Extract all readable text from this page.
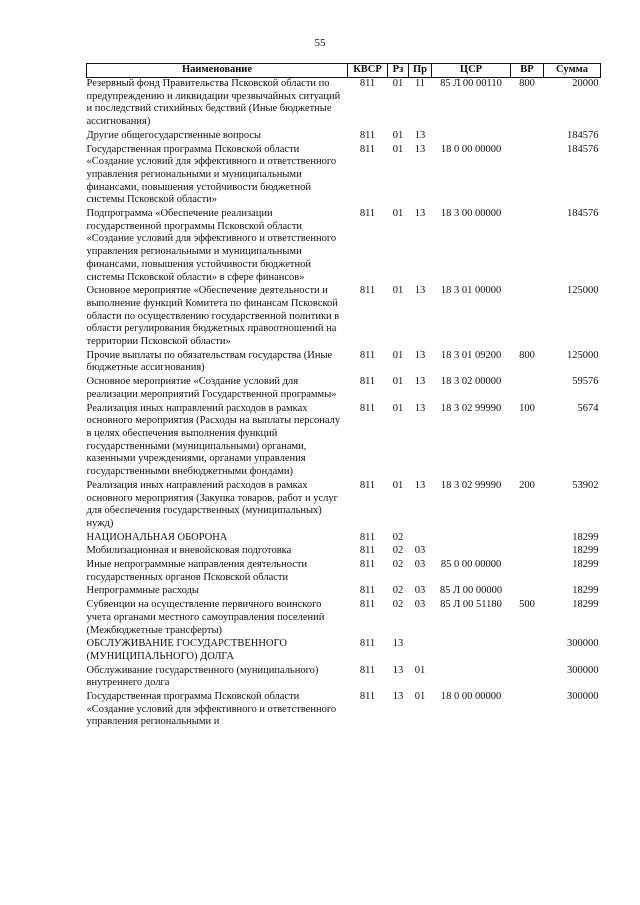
55
Наименование	КВСР	Рз	Пр	ЦСР	ВР	Сумма
Резервный фонд Правительства Псковской области по предупреждению и ликвидации чрезвычайных ситуаций и последствий стихийных бедствий (Иные бюджетные ассигнования)	811	01	11	85 Л 00 00110	800	20000
Другие общегосударственные вопросы	811	01	13			184576
Государственная программа Псковской области «Создание условий для эффективного и ответственного управления региональными и муниципальными финансами, повышения устойчивости бюджетной системы Псковской области»	811	01	13	18 0 00 00000		184576
Подпрограмма «Обеспечение реализации государственной программы Псковской области «Создание условий для эффективного и ответственного управления региональными и муниципальными финансами, повышения устойчивости бюджетной системы Псковской области» в сфере финансов»	811	01	13	18 3 00 00000		184576
Основное мероприятие «Обеспечение деятельности и выполнение функций Комитета по финансам Псковской области по осуществлению государственной политики в области регулирования бюджетных правоотношений на территории Псковской области»	811	01	13	18 3 01 00000		125000
Прочие выплаты по обязательствам государства (Иные бюджетные ассигнования)	811	01	13	18 3 01 09200	800	125000
Основное мероприятие «Создание условий для реализации мероприятий Государственной программы»	811	01	13	18 3 02 00000		59576
Реализация иных направлений расходов в рамках основного мероприятия (Расходы на выплаты персоналу в целях обеспечения выполнения функций государственными (муниципальными) органами, казенными учреждениями, органами управления государственными внебюджетными фондами)	811	01	13	18 3 02 99990	100	5674
Реализация иных направлений расходов в рамках основного мероприятия (Закупка товаров, работ и услуг для обеспечения государственных (муниципальных) нужд)	811	01	13	18 3 02 99990	200	53902
НАЦИОНАЛЬНАЯ ОБОРОНА	811	02				18299
Мобилизационная и вневойсковая подготовка	811	02	03			18299
Иные непрограммные направления деятельности государственных органов Псковской области	811	02	03	85 0 00 00000		18299
Непрограммные расходы	811	02	03	85 Л 00 00000		18299
Субвенции на осуществление первичного воинского учета органами местного самоуправления поселений (Межбюджетные трансферты)	811	02	03	85 Л 00 51180	500	18299
ОБСЛУЖИВАНИЕ ГОСУДАРСТВЕННОГО (МУНИЦИПАЛЬНОГО) ДОЛГА	811	13				300000
Обслуживание государственного (муниципального) внутреннего долга	811	13	01			300000
Государственная программа Псковской области «Создание условий для эффективного и ответственного управления региональными и	811	13	01	18 0 00 00000		300000
